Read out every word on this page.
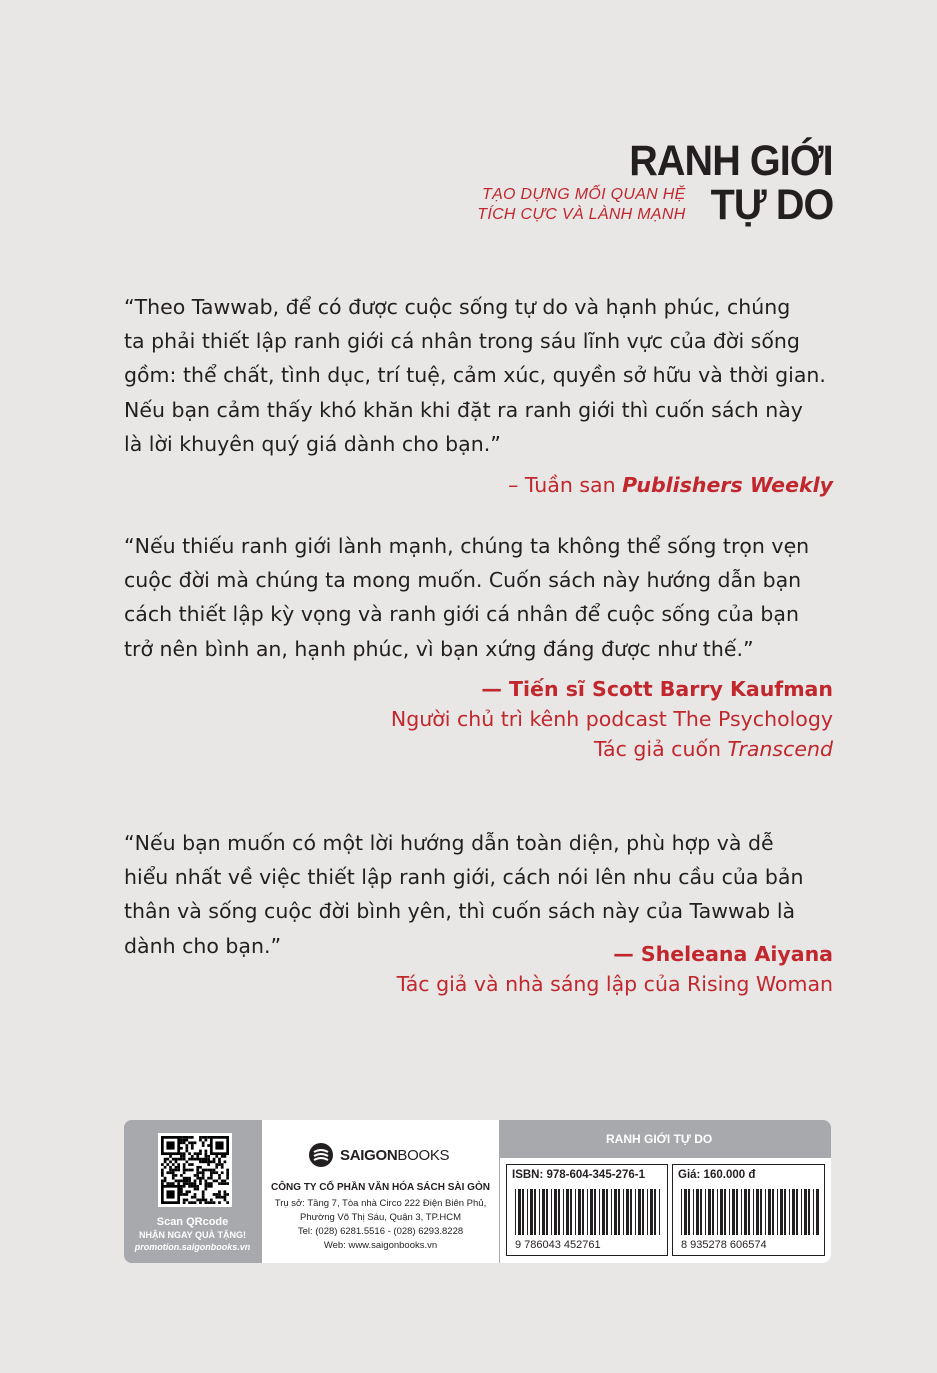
RANH GIỚI
TẠO DỰNG MỐI QUAN HỆ
TÍCH CỰC VÀ LÀNH MẠNH TỰ DO

“Theo Tawwab, để có được cuộc sống tự do và hạnh phúc, chúng

ta phải thiết lập ranh giới cá nhân trong sáu lĩnh vực của đời sống

gồm: thể chất, tình dục, trí tuệ, cảm xúc, quyền sở hữu và thời gian.

Nếu bạn cảm thấy khó khăn khi đặt ra ranh giới thì cuốn sách này

là lời khuyên quý giá dành cho bạn.”

– Tuần san Publishers Weekly

“Nếu thiếu ranh giới lành mạnh, chúng ta không thể sống trọn vẹn

cuộc đời mà chúng ta mong muốn. Cuốn sách này hướng dẫn bạn

cách thiết lập kỳ vọng và ranh giới cá nhân để cuộc sống của bạn

trở nên bình an, hạnh phúc, vì bạn xứng đáng được như thế.”

— Tiến sĩ Scott Barry Kaufman
Người chủ trì kênh podcast The Psychology
Tác giả cuốn Transcend

“Nếu bạn muốn có một lời hướng dẫn toàn diện, phù hợp và dễ

hiểu nhất về việc thiết lập ranh giới, cách nói lên nhu cầu của bản

thân và sống cuộc đời bình yên, thì cuốn sách này của Tawwab là

dành cho bạn.”	— Sheleana Aiyana
Tác giả và nhà sáng lập của Rising Woman
Scan QRcode
NHẬN NGAY QUÀ TẶNG!
promotion.saigonbooks.vn
SAIGONBOOKS
CÔNG TY CỔ PHẦN VĂN HÓA SÁCH SÀI GÒN
Trụ sở: Tầng 7, Tòa nhà Circo 222 Điện Biên Phủ,
Phường Võ Thị Sáu, Quận 3, TP.HCM
Tel: (028) 6281.5516 - (028) 6293.8228
Web: www.saigonbooks.vn
RANH GIỚI TỰ DO
ISBN: 978-604-345-276-1
9 786043 452761
Giá: 160.000 đ
8 935278 606574
